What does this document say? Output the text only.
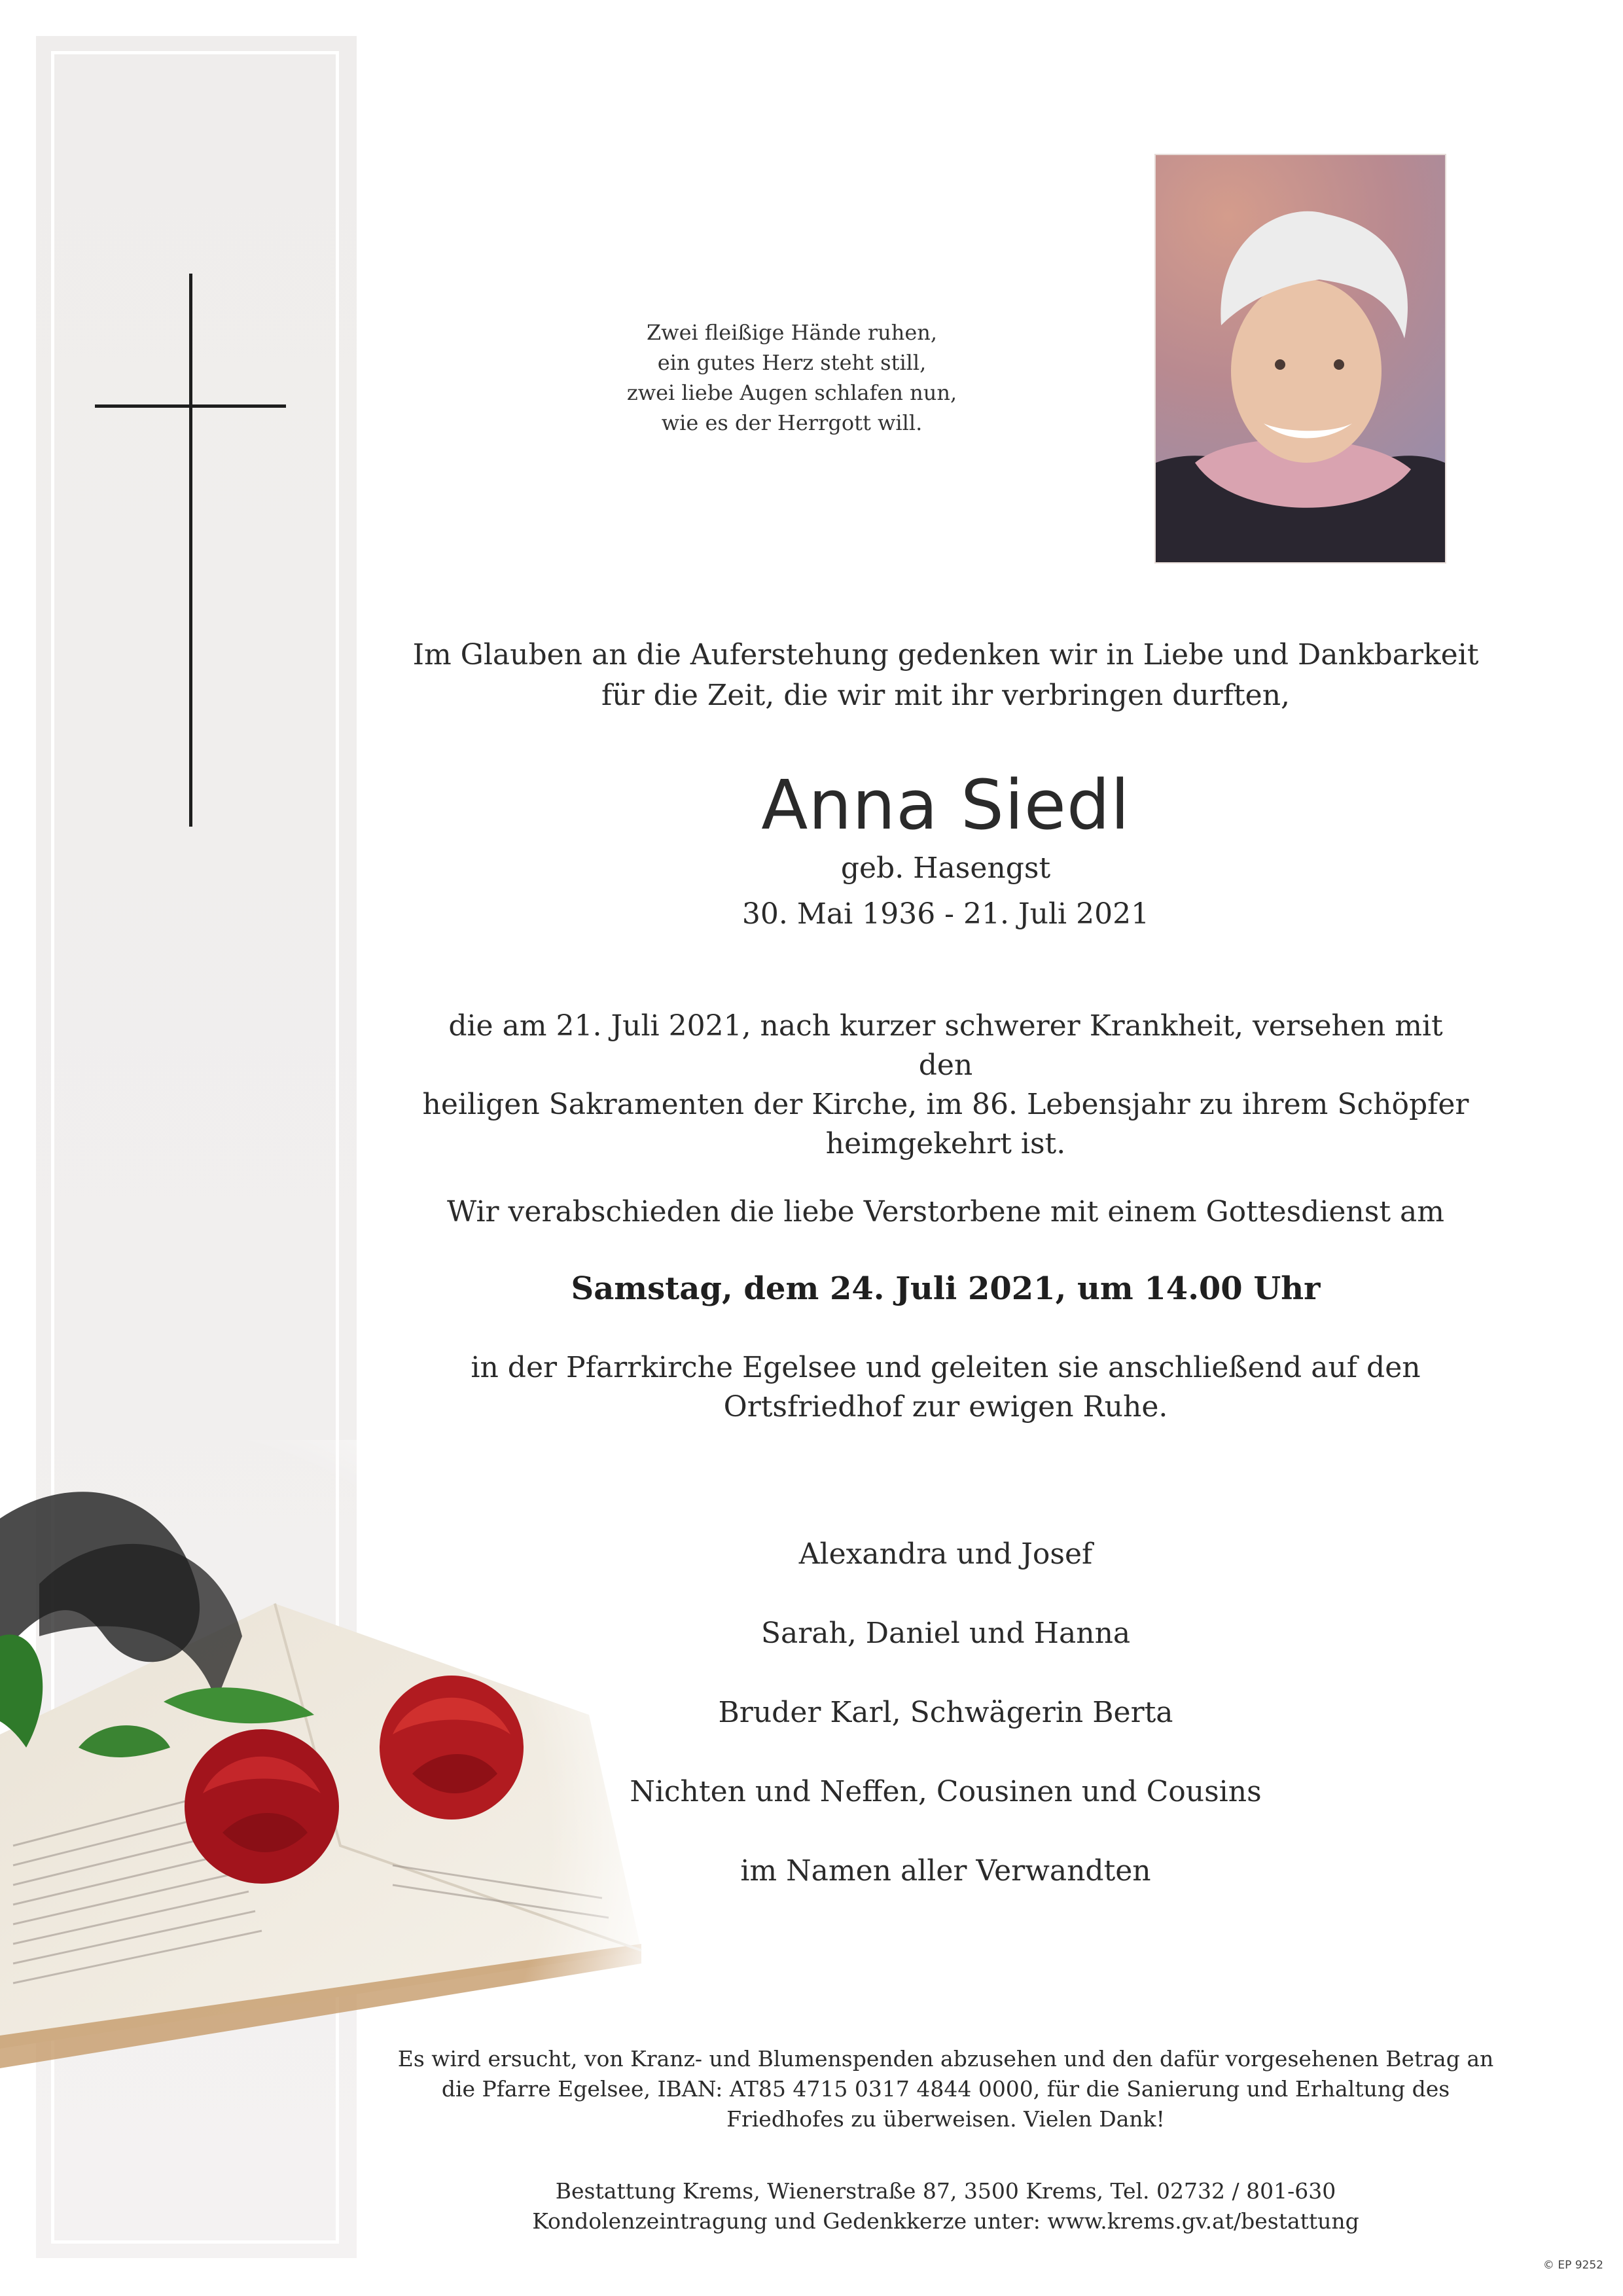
Zwei fleißige Hände ruhen,
ein gutes Herz steht still,
zwei liebe Augen schlafen nun,
wie es der Herrgott will.
Im Glauben an die Auferstehung gedenken wir in Liebe und Dankbarkeit
für die Zeit, die wir mit ihr verbringen durften,
Anna Siedl
geb. Hasengst
30. Mai 1936 - 21. Juli 2021
die am 21. Juli 2021, nach kurzer schwerer Krankheit, versehen mit den
heiligen Sakramenten der Kirche, im 86. Lebensjahr zu ihrem Schöpfer
heimgekehrt ist.
Wir verabschieden die liebe Verstorbene mit einem Gottesdienst am
Samstag, dem 24. Juli 2021, um 14.00 Uhr
in der Pfarrkirche Egelsee und geleiten sie anschließend auf den
Ortsfriedhof zur ewigen Ruhe.
Alexandra und Josef
Sarah, Daniel und Hanna
Bruder Karl, Schwägerin Berta
Nichten und Neffen, Cousinen und Cousins
im Namen aller Verwandten
Es wird ersucht, von Kranz- und Blumenspenden abzusehen und den dafür vorgesehenen Betrag an
die Pfarre Egelsee, IBAN: AT85 4715 0317 4844 0000, für die Sanierung und Erhaltung des
Friedhofes zu überweisen. Vielen Dank!
Bestattung Krems, Wienerstraße 87, 3500 Krems, Tel. 02732 / 801-630
Kondolenzeintragung und Gedenkkerze unter: www.krems.gv.at/bestattung
© EP 9252
